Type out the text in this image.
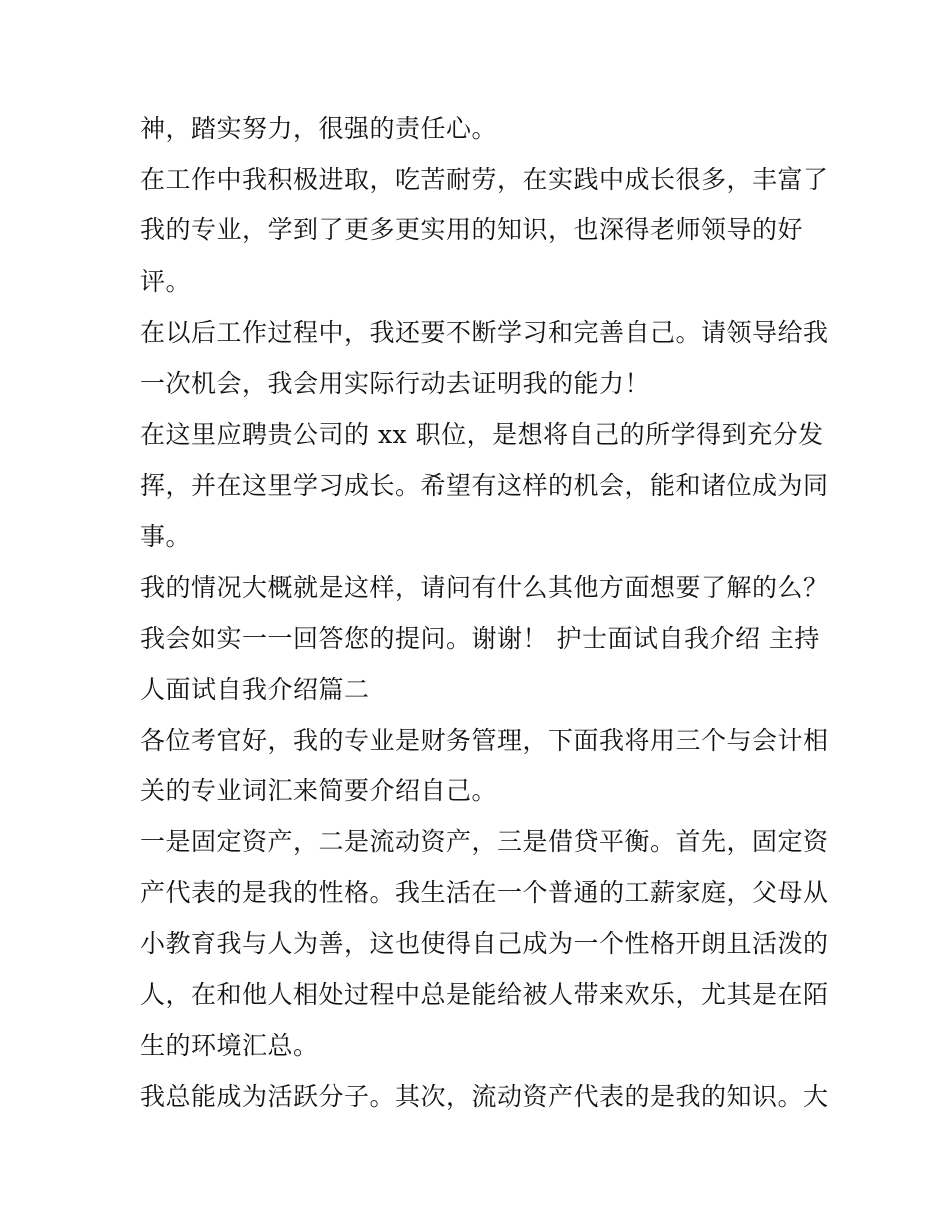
神，踏实努力，很强的责任心。
在工作中我积极进取，吃苦耐劳，在实践中成长很多，丰富了
我的专业，学到了更多更实用的知识，也深得老师领导的好
评。
在以后工作过程中，我还要不断学习和完善自己。请领导给我
一次机会，我会用实际行动去证明我的能力！
在这里应聘贵公司的 xx 职位，是想将自己的所学得到充分发
挥，并在这里学习成长。希望有这样的机会，能和诸位成为同
事。
我的情况大概就是这样，请问有什么其他方面想要了解的么？
我会如实一一回答您的提问。谢谢！ 护士面试自我介绍 主持
人面试自我介绍篇二
各位考官好，我的专业是财务管理，下面我将用三个与会计相
关的专业词汇来简要介绍自己。
一是固定资产，二是流动资产，三是借贷平衡。首先，固定资
产代表的是我的性格。我生活在一个普通的工薪家庭，父母从
小教育我与人为善，这也使得自己成为一个性格开朗且活泼的
人，在和他人相处过程中总是能给被人带来欢乐，尤其是在陌
生的环境汇总。
我总能成为活跃分子。其次，流动资产代表的是我的知识。大
